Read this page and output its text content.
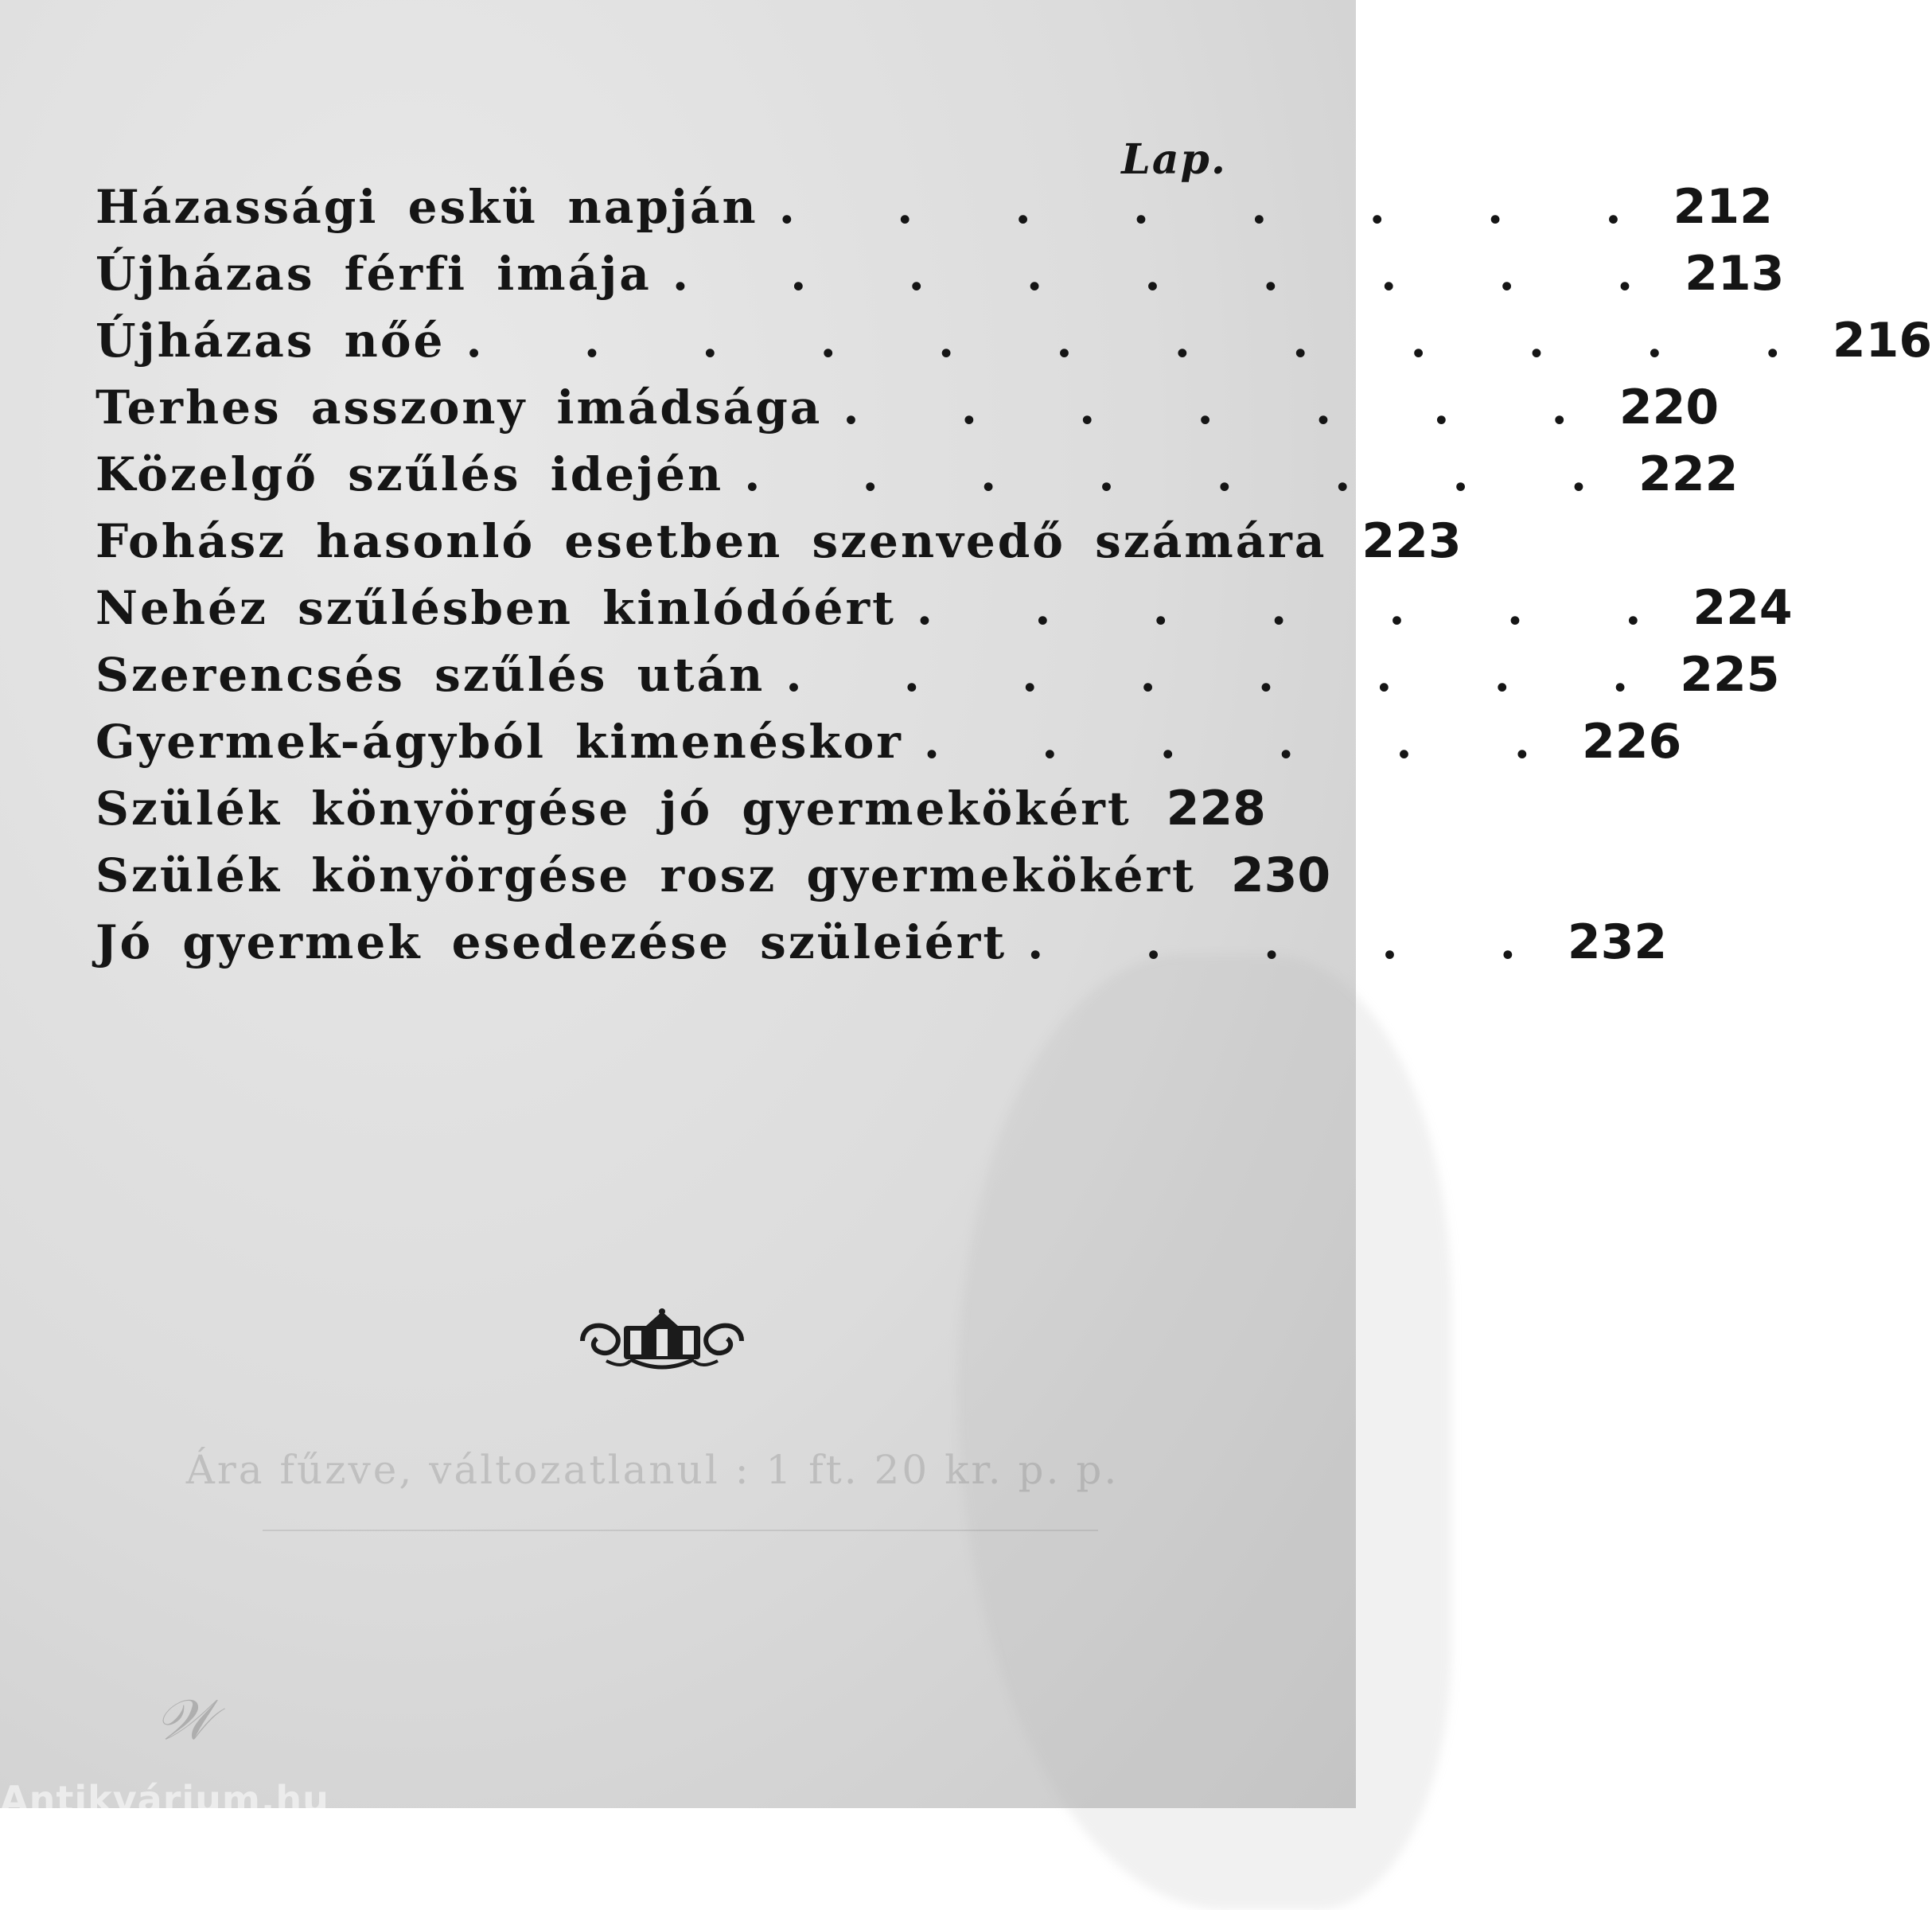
Lap.
Házassági eskü napján . . . . . . . . 212
Újházas férfi imája . . . . . . . . . 213
Újházas nőé . . . . . . . . . . . . 216
Terhes asszony imádsága . . . . . . . 220
Közelgő szűlés idején . . . . . . . . 222
Fohász hasonló esetben szenvedő számára 223
Nehéz szűlésben kinlódóért . . . . . . . 224
Szerencsés szűlés után . . . . . . . . 225
Gyermek-ágyból kimenéskor . . . . . . 226
Szülék könyörgése jó gyermekökért 228
Szülék könyörgése rosz gyermekökért 230
Jó gyermek esedezése szüleiért . . . . . 232
Ára fűzve, változatlanul : 1 ft. 20 kr. p. p.
𝒲
Antikvárium.hu
